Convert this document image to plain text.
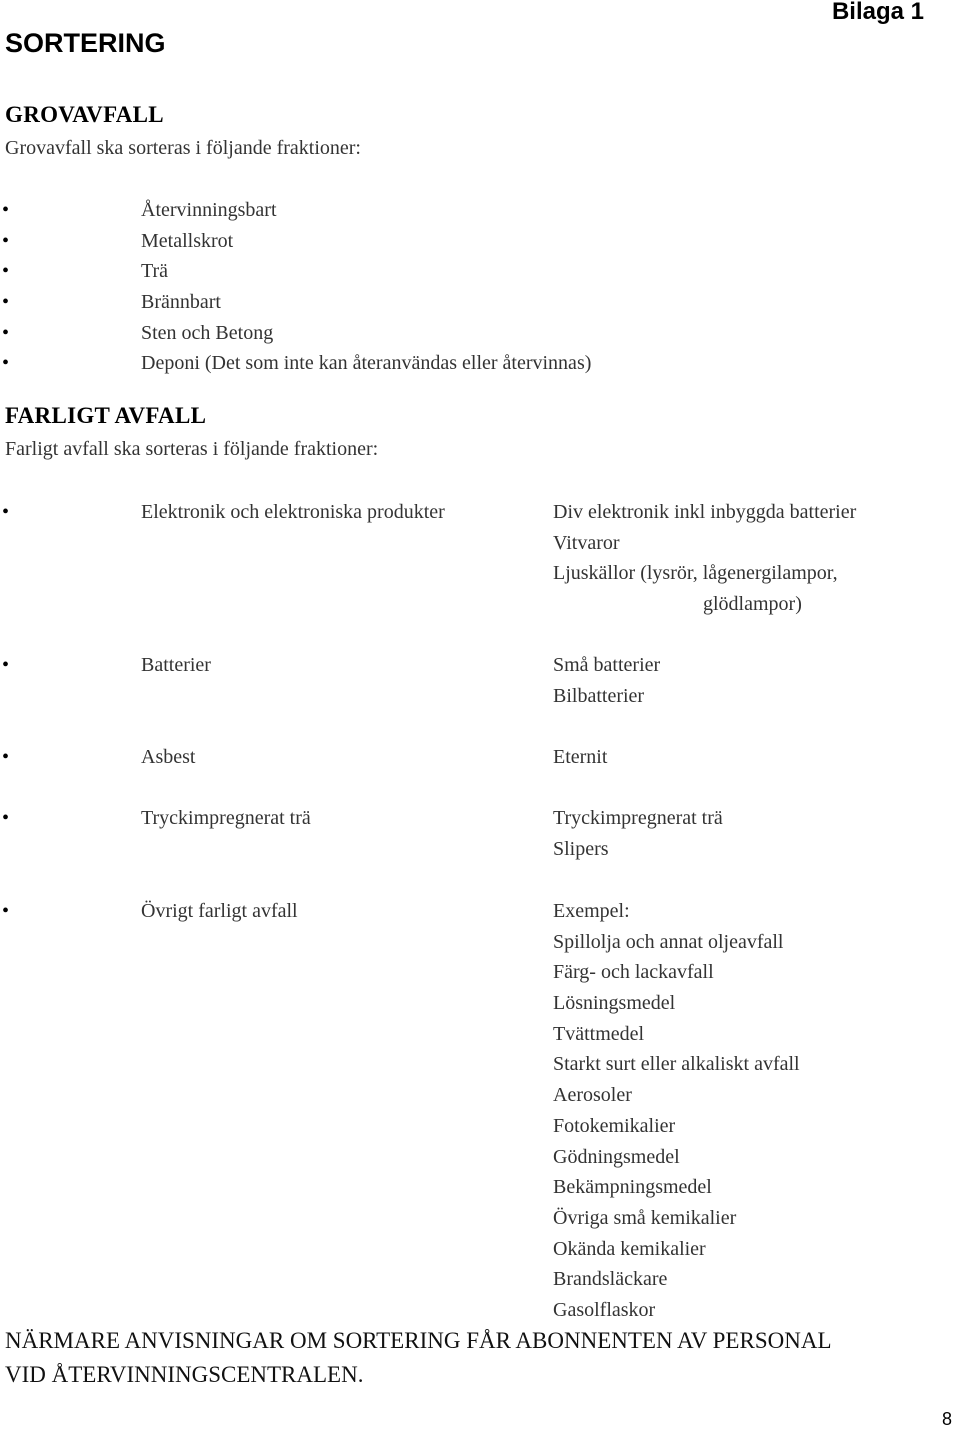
Bilaga 1
SORTERING
GROVAVFALL
Grovavfall ska sorteras i följande fraktioner:
•	Återvinningsbart
•	Metallskrot
•	Trä
•	Brännbart
•	Sten och Betong
•	Deponi (Det som inte kan återanvändas eller återvinnas)
FARLIGT AVFALL
Farligt avfall ska sorteras i följande fraktioner:
•	Elektronik och elektroniska produkter	Div elektronik inkl inbyggda batterier
Vitvaror
Ljuskällor (lysrör, lågenergilampor,
glödlampor)
•	Batterier	Små batterier
Bilbatterier
•	Asbest	Eternit
•	Tryckimpregnerat trä	Tryckimpregnerat trä
Slipers
•	Övrigt farligt avfall	Exempel:
Spillolja och annat oljeavfall
Färg- och lackavfall
Lösningsmedel
Tvättmedel
Starkt surt eller alkaliskt avfall
Aerosoler
Fotokemikalier
Gödningsmedel
Bekämpningsmedel
Övriga små kemikalier
Okända kemikalier
Brandsläckare
Gasolflaskor
NÄRMARE ANVISNINGAR OM SORTERING FÅR ABONNENTEN AV PERSONAL
VID ÅTERVINNINGSCENTRALEN.
8
